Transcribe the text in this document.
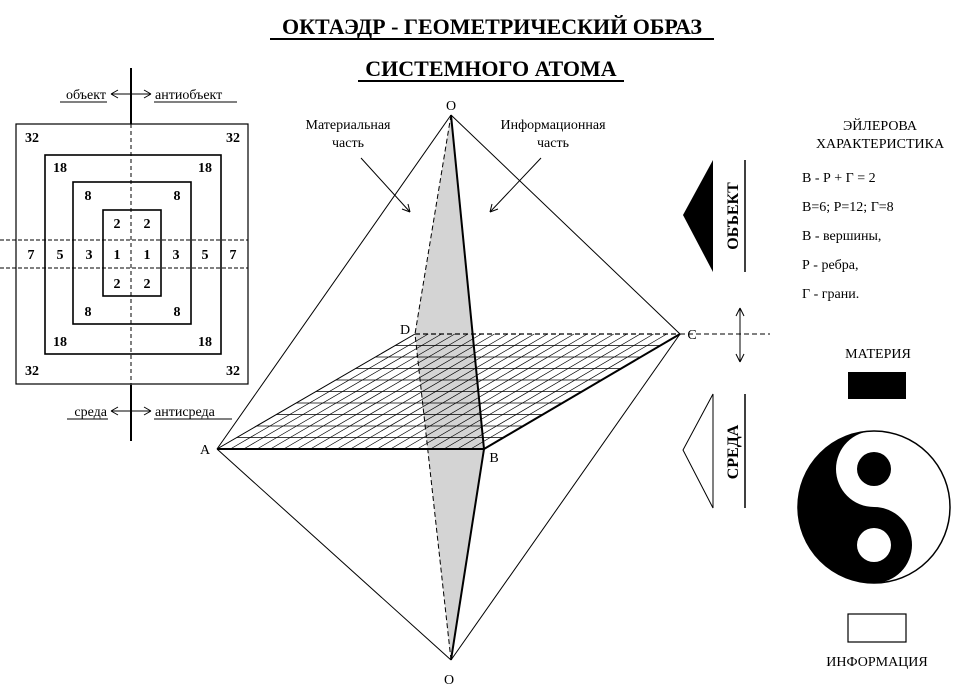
ОКТАЭДР - ГЕОМЕТРИЧЕСКИЙ ОБРАЗ
СИСТЕМНОГО АТОМА
объект	антиобъект
среда	антисреда
32	32
32	32
18	18
18	18
8	8
8	8
2 2
2 2
7 5 3 1 1 3 5 7
O
O
A
B
C
D
Материальная
часть
Информационная
часть
ОБЪЕКТ
СРЕДА
ЭЙЛЕРОВА
ХАРАКТЕРИСТИКА
В - Р + Г = 2
В=6; Р=12; Г=8
В - вершины,
Р - ребра,
Г - грани.
МАТЕРИЯ
ИНФОРМАЦИЯ
